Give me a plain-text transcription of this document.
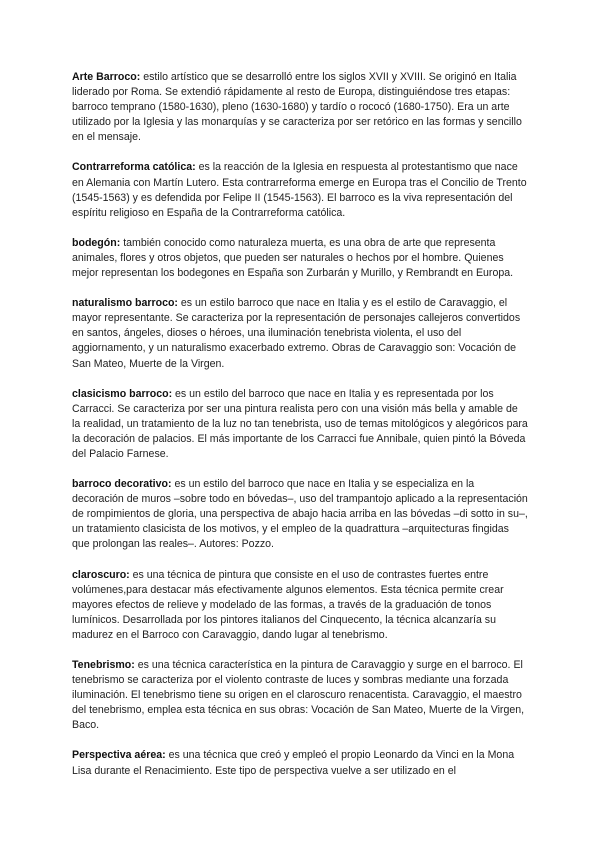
Arte Barroco: estilo artístico que se desarrolló entre los siglos XVII y XVIII. Se originó en Italia liderado por Roma. Se extendió rápidamente al resto de Europa, distinguiéndose tres etapas: barroco temprano (1580-1630), pleno (1630-1680) y tardío o rococó (1680-1750). Era un arte utilizado por la Iglesia y las monarquías y se caracteriza por ser retórico en las formas y sencillo en el mensaje.

Contrarreforma católica: es la reacción de la Iglesia en respuesta al protestantismo que nace en Alemania con Martín Lutero. Esta contrarreforma emerge en Europa tras el Concilio de Trento (1545-1563) y es defendida por Felipe II (1545-1563). El barroco es la viva representación del espíritu religioso en España de la Contrarreforma católica.

bodegón: también conocido como naturaleza muerta, es una obra de arte que representa animales, flores y otros objetos, que pueden ser naturales o hechos por el hombre. Quienes mejor representan los bodegones en España son Zurbarán y Murillo, y Rembrandt en Europa.

naturalismo barroco: es un estilo barroco que nace en Italia y es el estilo de Caravaggio, el mayor representante. Se caracteriza por la representación de personajes callejeros convertidos en santos, ángeles, dioses o héroes, una iluminación tenebrista violenta, el uso del aggiornamento, y un naturalismo exacerbado extremo. Obras de Caravaggio son: Vocación de San Mateo, Muerte de la Virgen.

clasicismo barroco: es un estilo del barroco que nace en Italia y es representada por los Carracci. Se caracteriza por ser una pintura realista pero con una visión más bella y amable de la realidad, un tratamiento de la luz no tan tenebrista, uso de temas mitológicos y alegóricos para la decoración de palacios. El más importante de los Carracci fue Annibale, quien pintó la Bóveda del Palacio Farnese.

barroco decorativo: es un estilo del barroco que nace en Italia y se especializa en la decoración de muros –sobre todo en bóvedas–, uso del trampantojo aplicado a la representación de rompimientos de gloria, una perspectiva de abajo hacia arriba en las bóvedas –di sotto in su–, un tratamiento clasicista de los motivos, y el empleo de la quadrattura –arquitecturas fingidas que prolongan las reales–. Autores: Pozzo.

claroscuro: es una técnica de pintura que consiste en el uso de contrastes fuertes entre volúmenes,para destacar más efectivamente algunos elementos. Esta técnica permite crear mayores efectos de relieve y modelado de las formas, a través de la graduación de tonos lumínicos. Desarrollada por los pintores italianos del Cinquecento, la técnica alcanzaría su madurez en el Barroco con Caravaggio, dando lugar al tenebrismo.

Tenebrismo: es una técnica característica en la pintura de Caravaggio y surge en el barroco. El tenebrismo se caracteriza por el violento contraste de luces y sombras mediante una forzada iluminación. El tenebrismo tiene su origen en el claroscuro renacentista. Caravaggio, el maestro del tenebrismo, emplea esta técnica en sus obras: Vocación de San Mateo, Muerte de la Virgen, Baco.

Perspectiva aérea: es una técnica que creó y empleó el propio Leonardo da Vinci en la Mona Lisa durante el Renacimiento. Este tipo de perspectiva vuelve a ser utilizado en el
